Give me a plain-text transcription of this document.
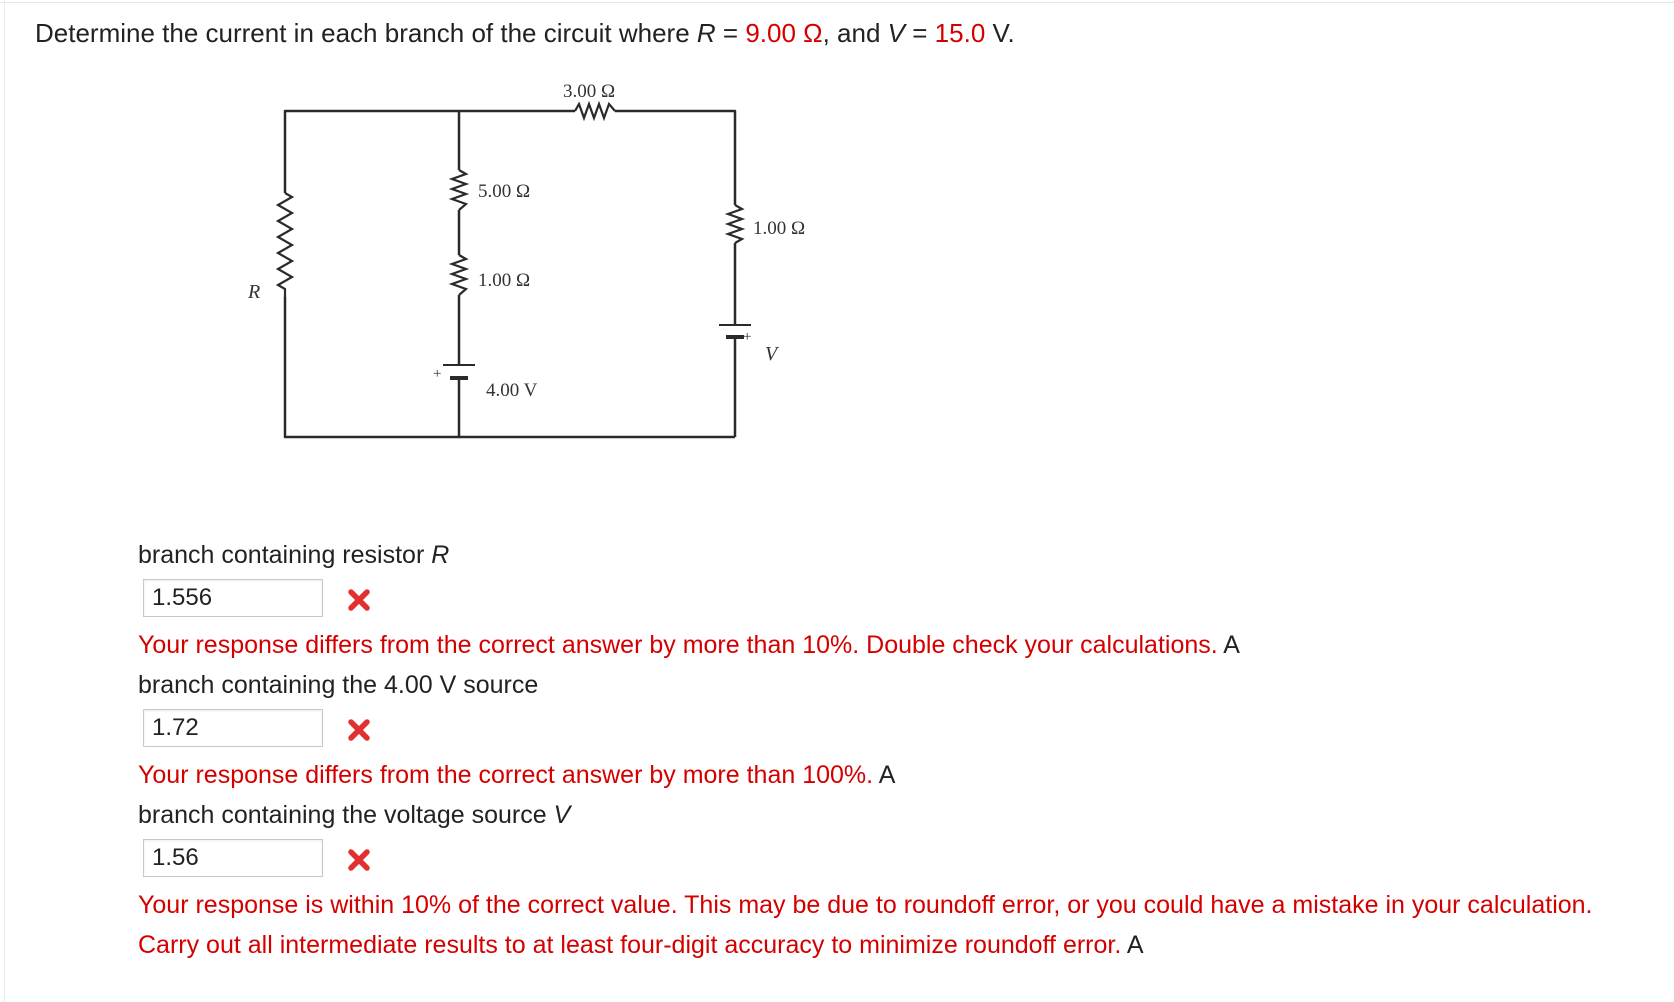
Determine the current in each branch of the circuit where R = 9.00 Ω, and V = 15.0 V.
3.00 Ω
5.00 Ω
1.00 Ω
1.00 Ω
R
4.00 V
V
+
+
branch containing resistor R
1.556
Your response differs from the correct answer by more than 10%. Double check your calculations. A
branch containing the 4.00 V source
1.72
Your response differs from the correct answer by more than 100%. A
branch containing the voltage source V
1.56
Your response is within 10% of the correct value. This may be due to roundoff error, or you could have a mistake in your calculation. Carry out all intermediate results to at least four-digit accuracy to minimize roundoff error. A
